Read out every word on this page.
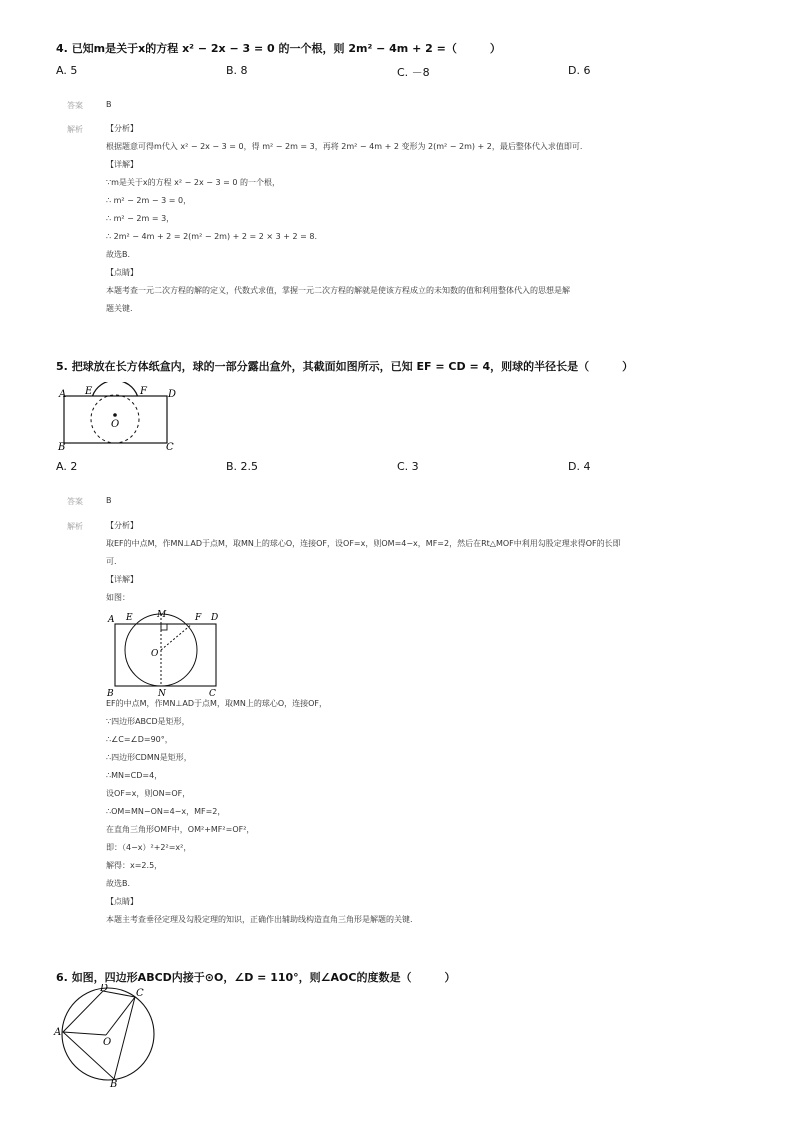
4. 已知m是关于x的方程 x² − 2x − 3 = 0 的一个根，则 2m² − 4m + 2 =（　　　）
A. 5	B. 8	C. －8	D. 6
答案	B
解析	【分析】
根据题意可得m代入 x² − 2x − 3 = 0，得 m² − 2m = 3，再将 2m² − 4m + 2 变形为 2(m² − 2m) + 2，最后整体代入求值即可.
【详解】
∵m是关于x的方程 x² − 2x − 3 = 0 的一个根，
∴ m² − 2m − 3 = 0，
∴ m² − 2m = 3，
∴ 2m² − 4m + 2 = 2(m² − 2m) + 2 = 2 × 3 + 2 = 8.
故选B.
【点睛】
本题考查一元二次方程的解的定义，代数式求值，掌握一元二次方程的解就是使该方程成立的未知数的值和利用整体代入的思想是解
题关键.
5. 把球放在长方体纸盒内，球的一部分露出盒外，其截面如图所示，已知 EF = CD = 4，则球的半径长是（　　　）
A E	F D
O
B	C
A. 2	B. 2.5	C. 3	D. 4
答案	B
解析	【分析】
取EF的中点M，作MN⊥AD于点M，取MN上的球心O，连接OF，设OF=x，则OM=4−x，MF=2，然后在Rt△MOF中利用勾股定理求得OF的长即
可.
【详解】
如图：
A E	M	F D
O
B	N	C
EF的中点M，作MN⊥AD于点M，取MN上的球心O，连接OF，
∵四边形ABCD是矩形，
∴∠C=∠D=90°，
∴四边形CDMN是矩形，
∴MN=CD=4，
设OF=x，则ON=OF，
∴OM=MN−ON=4−x，MF=2，
在直角三角形OMF中，OM²+MF²=OF²，
即：（4−x）²+2²=x²，
解得：x=2.5，
故选B.
【点睛】
本题主考查垂径定理及勾股定理的知识，正确作出辅助线构造直角三角形是解题的关键.
6. 如图，四边形ABCD内接于⊙O，∠D = 110°，则∠AOC的度数是（　　　）
A
D	C
O
B
